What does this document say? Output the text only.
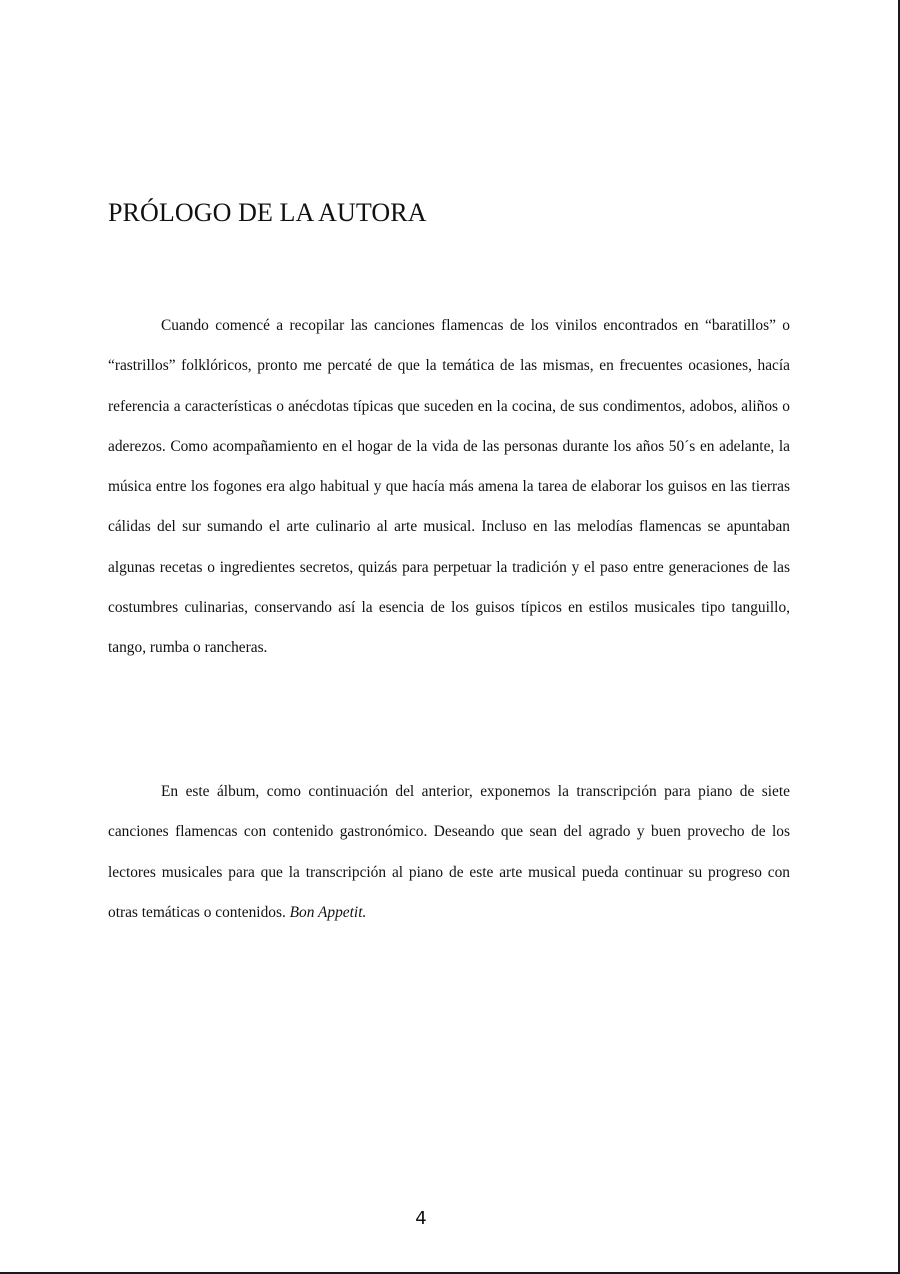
PRÓLOGO DE LA AUTORA

Cuando comencé a recopilar las canciones flamencas de los vinilos encontrados en “baratillos” o “rastrillos” folklóricos, pronto me percaté de que la temática de las mismas, en frecuentes ocasiones, hacía referencia a características o anécdotas típicas que suceden en la cocina, de sus condimentos, adobos, aliños o aderezos. Como acompañamiento en el hogar de la vida de las personas durante los años 50´s en adelante, la música entre los fogones era algo habitual y que hacía más amena la tarea de elaborar los guisos en las tierras cálidas del sur sumando el arte culinario al arte musical. Incluso en las melodías flamencas se apuntaban algunas recetas o ingredientes secretos, quizás para perpetuar la tradición y el paso entre generaciones de las costumbres culinarias, conservando así la esencia de los guisos típicos en estilos musicales tipo tanguillo, tango, rumba o rancheras.

En este álbum, como continuación del anterior, exponemos la transcripción para piano de siete canciones flamencas con contenido gastronómico. Deseando que sean del agrado y buen provecho de los lectores musicales para que la transcripción al piano de este arte musical pueda continuar su progreso con otras temáticas o contenidos. Bon Appetit.

4
